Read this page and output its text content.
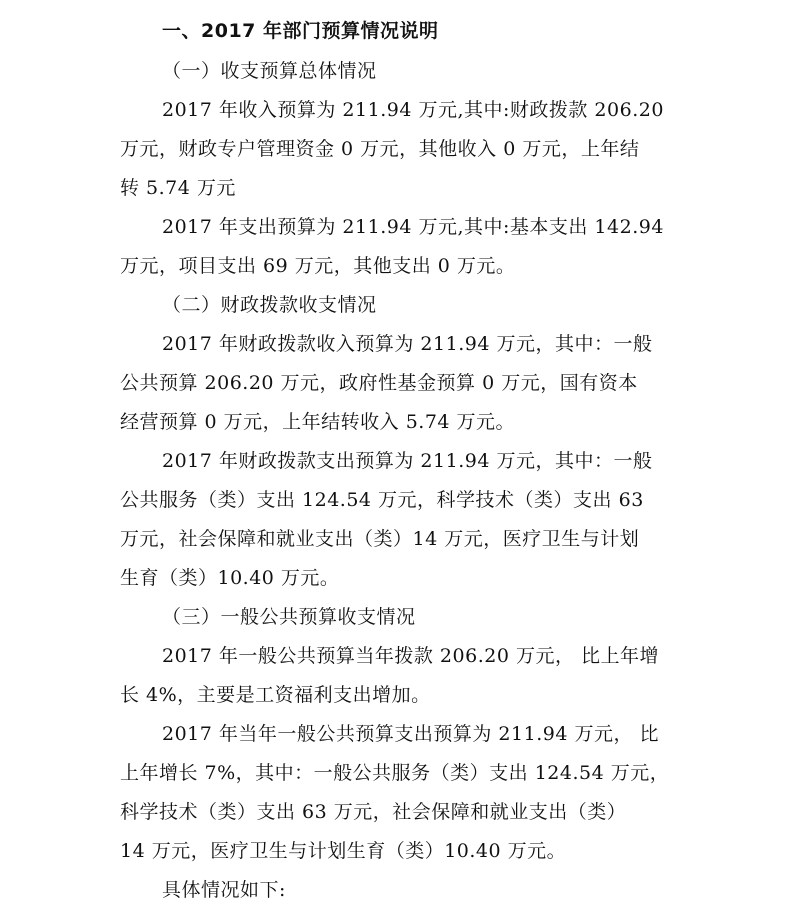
一、2017 年部门预算情况说明
（一）收支预算总体情况
2017 年收入预算为 211.94 万元,其中:财政拨款 206.20
万元，财政专户管理资金 0 万元，其他收入 0 万元，上年结
转 5.74 万元
2017 年支出预算为 211.94 万元,其中:基本支出 142.94
万元，项目支出 69 万元，其他支出 0 万元。
（二）财政拨款收支情况
2017 年财政拨款收入预算为 211.94 万元，其中：一般
公共预算 206.20 万元，政府性基金预算 0 万元，国有资本
经营预算 0 万元，上年结转收入 5.74 万元。
2017 年财政拨款支出预算为 211.94 万元，其中：一般
公共服务（类）支出 124.54 万元，科学技术（类）支出 63
万元，社会保障和就业支出（类）14 万元，医疗卫生与计划
生育（类）10.40 万元。
（三）一般公共预算收支情况
2017 年一般公共预算当年拨款 206.20 万元， 比上年增
长 4%，主要是工资福利支出增加。
2017 年当年一般公共预算支出预算为 211.94 万元， 比
上年增长 7%，其中：一般公共服务（类）支出 124.54 万元，
科学技术（类）支出 63 万元，社会保障和就业支出（类）
14 万元，医疗卫生与计划生育（类）10.40 万元。
具体情况如下:
